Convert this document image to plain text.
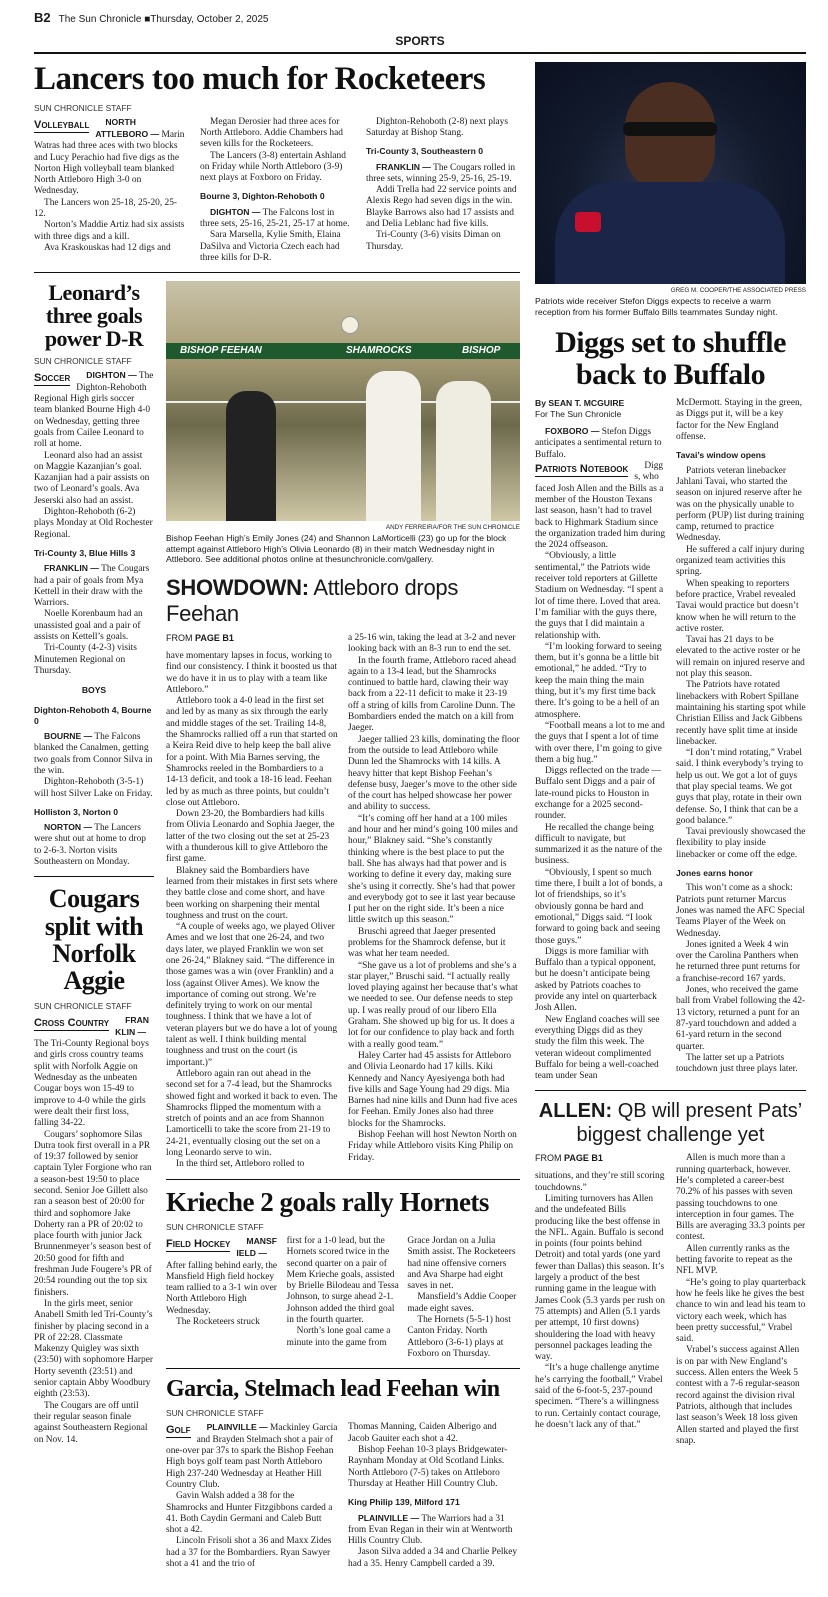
B2 The Sun Chronicle ■Thursday, October 2, 2025
SPORTS
Lancers too much for Rocketeers
SUN CHRONICLE STAFF

Volleyball NORTH ATTLEBORO — Marin Watras had three aces with two blocks and Lucy Perachio had five digs as the Norton High volleyball team blanked North Attleboro High 3-0 on Wednesday.

The Lancers won 25-18, 25-20, 25-12.

Norton’s Maddie Artiz had six assists with three digs and a kill.

Ava Kraskouskas had 12 digs and

Megan Derosier had three aces for North Attleboro. Addie Chambers had seven kills for the Rocketeers.

The Lancers (3-8) entertain Ashland on Friday while North Attleboro (3-9) next plays at Foxboro on Friday.

Bourne 3, Dighton-Rehoboth 0

DIGHTON — The Falcons lost in three sets, 25-16, 25-21, 25-17 at home.

Sara Marsella, Kylie Smith, Elaina DaSilva and Victoria Czech each had three kills for D-R.

Dighton-Rehoboth (2-8) next plays Saturday at Bishop Stang.

Tri-County 3, Southeastern 0

FRANKLIN — The Cougars rolled in three sets, winning 25-9, 25-16, 25-19.

Addi Trella had 22 service points and Alexis Rego had seven digs in the win. Blayke Barrows also had 17 assists and and Delia Leblanc had five kills.

Tri-County (3-6) visits Diman on Thursday.

Leonard’s three goals power D-R
SUN CHRONICLE STAFF

Soccer DIGHTON — The Dighton-Rehoboth Regional High girls soccer team blanked Bourne High 4-0 on Wednesday, getting three goals from Cailee Leonard to roll at home.

Leonard also had an assist on Maggie Kazanjian’s goal. Kazanjian had a pair assists on two of Leonard’s goals. Ava Jeserski also had an assist.

Dighton-Rehoboth (6-2) plays Monday at Old Rochester Regional.

Tri-County 3, Blue Hills 3

FRANKLIN — The Cougars had a pair of goals from Mya Kettell in their draw with the Warriors.

Noelle Korenbaum had an unassisted goal and a pair of assists on Kettell’s goals.

Tri-County (4-2-3) visits Minutemen Regional on Thursday.

BOYS

Dighton-Rehoboth 4, Bourne 0

BOURNE — The Falcons blanked the Canalmen, getting two goals from Connor Silva in the win.

Dighton-Rehoboth (3-5-1) will host Silver Lake on Friday.

Holliston 3, Norton 0

NORTON — The Lancers were shut out at home to drop to 2-6-3. Norton visits Southeastern on Monday.

Cougars split with Norfolk Aggie
SUN CHRONICLE STAFF

Cross Country FRANKLIN — The Tri-County Regional boys and girls cross country teams split with Norfolk Aggie on Wednesday as the unbeaten Cougar boys won 15-49 to improve to 4-0 while the girls were dealt their first loss, falling 34-22.

Cougars’ sophomore Silas Dutra took first overall in a PR of 19:37 followed by senior captain Tyler Forgione who ran a season-best 19:50 to place second. Senior Joe Gillett also ran a season best of 20:00 for third and sophomore Jake Doherty ran a PR of 20:02 to place fourth with junior Jack Brunnenmeyer’s season best of 20:50 good for fifth and freshman Jude Fougere’s PR of 20:54 rounding out the top six finishers.

In the girls meet, senior Anabell Smith led Tri-County’s finisher by placing second in a PR of 22:28. Classmate Makenzy Quigley was sixth (23:50) with sophomore Harper Horty seventh (23:51) and senior captain Abby Woodbury eighth (23:53).

The Cougars are off until their regular season finale against Southeastern Regional on Nov. 14.

BISHOP FEEHAN	SHAMROCKS	BISHOP
ANDY FERREIRA/FOR THE SUN CHRONICLE
Bishop Feehan High’s Emily Jones (24) and Shannon LaMorticelli (23) go up for the block attempt against Attleboro High’s Olivia Leonardo (8) in their match Wednesday night in Attleboro. See additional photos online at thesunchronicle.com/gallery.
SHOWDOWN: Attleboro drops Feehan
FROM PAGE B1

have momentary lapses in focus, working to find our consistency. I think it boosted us that we do have it in us to play with a team like Attleboro.”

Attleboro took a 4-0 lead in the first set and led by as many as six through the early and middle stages of the set. Trailing 14-8, the Shamrocks rallied off a run that started on a Keira Reid dive to help keep the ball alive for a point. With Mia Barnes serving, the Shamrocks reeled in the Bombardiers to a 14-13 deficit, and took a 18-16 lead. Feehan led by as much as three points, but couldn’t close out Attleboro.

Down 23-20, the Bombardiers had kills from Olivia Leonardo and Sophia Jaeger, the latter of the two closing out the set at 25-23 with a thunderous kill to give Attleboro the first game.

Blakney said the Bombardiers have learned from their mistakes in first sets where they battle close and come short, and have been working on sharpening their mental toughness and trust on the court.

“A couple of weeks ago, we played Oliver Ames and we lost that one 26-24, and two days later, we played Franklin we won set one 26-24,” Blakney said. “The difference in those games was a win (over Franklin) and a loss (against Oliver Ames). We know the importance of coming out strong. We’re definitely trying to work on our mental toughness. I think that we have a lot of veteran players but we do have a lot of young talent as well. I think building mental toughness and trust on the court (is important.)”

Attleboro again ran out ahead in the second set for a 7-4 lead, but the Shamrocks showed fight and worked it back to even. The Shamrocks flipped the momentum with a stretch of points and an ace from Shannon Lamorticelli to take the score from 21-19 to 24-21, eventually closing out the set on a long Leonardo serve to win.

In the third set, Attleboro rolled to

a 25-16 win, taking the lead at 3-2 and never looking back with an 8-3 run to end the set.

In the fourth frame, Attleboro raced ahead again to a 13-4 lead, but the Shamrocks continued to battle hard, clawing their way back from a 22-11 deficit to make it 23-19 off a string of kills from Caroline Dunn. The Bombardiers ended the match on a kill from Jaeger.

Jaeger tallied 23 kills, dominating the floor from the outside to lead Attleboro while Dunn led the Shamrocks with 14 kills. A heavy hitter that kept Bishop Feehan’s defense busy, Jaeger’s move to the other side of the court has helped showcase her power and ability to success.

“It’s coming off her hand at a 100 miles and hour and her mind’s going 100 miles and hour,” Blakney said. “She’s constantly thinking where is the best place to put the ball. She has always had that power and is working to define it every day, making sure she’s using it correctly. She’s had that power and everybody got to see it last year because I put her on the right side. It’s been a nice little switch up this season.”

Bruschi agreed that Jaeger presented problems for the Shamrock defense, but it was what her team needed.

“She gave us a lot of problems and she’s a star player,” Bruschi said. “I actually really loved playing against her because that’s what we needed to see. Our defense needs to step up. I was really proud of our libero Ella Graham. She showed up big for us. It does a lot for our confidence to play back and forth with a really good team.”

Haley Carter had 45 assists for Attleboro and Olivia Leonardo had 17 kills. Kiki Kennedy and Nancy Ayesiyenga both had five kills and Sage Young had 29 digs. Mia Barnes had nine kills and Dunn had five aces for Feehan. Emily Jones also had three blocks for the Shamrocks.

Bishop Feehan will host Newton North on Friday while Attleboro visits King Philip on Friday.

Krieche 2 goals rally Hornets
SUN CHRONICLE STAFF

Field Hockey MANSFIELD — After falling behind early, the Mansfield High field hockey team rallied to a 3-1 win over North Attleboro High Wednesday.

The Rocketeers struck

first for a 1-0 lead, but the Hornets scored twice in the second quarter on a pair of Mem Krieche goals, assisted by Brielle Bilodeau and Tessa Johnson, to surge ahead 2-1. Johnson added the third goal in the fourth quarter.

North’s lone goal came a minute into the game from

Grace Jordan on a Julia Smith assist. The Rocketeers had nine offensive corners and Ava Sharpe had eight saves in net.

Mansfield’s Addie Cooper made eight saves.

The Hornets (5-5-1) host Canton Friday. North Attleboro (3-6-1) plays at Foxboro on Thursday.

Garcia, Stelmach lead Feehan win
SUN CHRONICLE STAFF

Golf PLAINVILLE — Mackinley Garcia and Brayden Stelmach shot a pair of one-over par 37s to spark the Bishop Feehan High boys golf team past North Attleboro High 237-240 Wednesday at Heather Hill Country Club.

Gavin Walsh added a 38 for the Shamrocks and Hunter Fitzgibbons carded a 41. Both Caydin Germani and Caleb Butt shot a 42.

Lincoln Frisoli shot a 36 and Maxx Zides had a 37 for the Bombardiers. Ryan Sawyer shot a 41 and the trio of

Thomas Manning, Caiden Alberigo and Jacob Gauiter each shot a 42.

Bishop Feehan 10-3 plays Bridgewater-Raynham Monday at Old Scotland Links. North Attleboro (7-5) takes on Attleboro Thursday at Heather Hill Country Club.

King Philip 139, Milford 171

PLAINVILLE — The Warriors had a 31 from Evan Regan in their win at Wentworth Hills Country Club.

Jason Silva added a 34 and Charlie Pelkey had a 35. Henry Campbell carded a 39.

GREG M. COOPER/THE ASSOCIATED PRESS
Patriots wide receiver Stefon Diggs expects to receive a warm reception from his former Buffalo Bills teammates Sunday night.
Diggs set to shuffle back to Buffalo
By SEAN T. MCGUIRE
For The Sun Chronicle

FOXBORO — Stefon Diggs anticipates a sentimental return to Buffalo.

Patriots Notebook Diggs, who faced Josh Allen and the Bills as a member of the Houston Texans last season, hasn’t had to travel back to Highmark Stadium since the organization traded him during the 2024 offseason.

“Obviously, a little sentimental,” the Patriots wide receiver told reporters at Gillette Stadium on Wednesday. “I spent a lot of time there. Loved that area. I’m familiar with the guys there, the guys that I did maintain a relationship with.

“I’m looking forward to seeing them, but it’s gonna be a little bit emotional,” he added. “Try to keep the main thing the main thing, but it’s my first time back there. It’s going to be a hell of an atmosphere.

“Football means a lot to me and the guys that I spent a lot of time with over there, I’m going to give them a big hug.”

Diggs reflected on the trade — Buffalo sent Diggs and a pair of late-round picks to Houston in exchange for a 2025 second-rounder.

He recalled the change being difficult to navigate, but summarized it as the nature of the business.

“Obviously, I spent so much time there, I built a lot of bonds, a lot of friendships, so it’s obviously gonna be hard and emotional,” Diggs said. “I look forward to going back and seeing those guys.”

Diggs is more familiar with Buffalo than a typical opponent, but he doesn’t anticipate being asked by Patriots coaches to provide any intel on quarterback Josh Allen.

New England coaches will see everything Diggs did as they study the film this week. The veteran wideout complimented Buffalo for being a well-coached team under Sean

McDermott. Staying in the green, as Diggs put it, will be a key factor for the New England offense.

Tavai’s window opens

Patriots veteran linebacker Jahlani Tavai, who started the season on injured reserve after he was on the physically unable to perform (PUP) list during training camp, returned to practice Wednesday.

He suffered a calf injury during organized team activities this spring.

When speaking to reporters before practice, Vrabel revealed Tavai would practice but doesn’t know when he will return to the active roster.

Tavai has 21 days to be elevated to the active roster or he will remain on injured reserve and not play this season.

The Patriots have rotated linebackers with Robert Spillane maintaining his starting spot while Christian Elliss and Jack Gibbens recently have split time at inside linebacker.

“I don’t mind rotating,” Vrabel said. I think everybody’s trying to help us out. We got a lot of guys that play special teams. We got guys that play, rotate in their own defense. So, I think that can be a good balance.”

Tavai previously showcased the flexibility to play inside linebacker or come off the edge.

Jones earns honor

This won’t come as a shock: Patriots punt returner Marcus Jones was named the AFC Special Teams Player of the Week on Wednesday.

Jones ignited a Week 4 win over the Carolina Panthers when he returned three punt returns for a franchise-record 167 yards.

Jones, who received the game ball from Vrabel following the 42-13 victory, returned a punt for an 87-yard touchdown and added a 61-yard return in the second quarter.

The latter set up a Patriots touchdown just three plays later.

ALLEN: QB will present Pats’ biggest challenge yet
FROM PAGE B1

situations, and they’re still scoring touchdowns.”

Limiting turnovers has Allen and the undefeated Bills producing like the best offense in the NFL. Again. Buffalo is second in points (four points behind Detroit) and total yards (one yard fewer than Dallas) this season. It’s largely a product of the best running game in the league with James Cook (5.3 yards per rush on 75 attempts) and Allen (5.1 yards per attempt, 10 first downs) shouldering the load with heavy personnel packages leading the way.

“It’s a huge challenge anytime he’s carrying the football,” Vrabel said of the 6-foot-5, 237-pound specimen. “There’s a willingness to run. Certainly contact courage, he doesn’t lack any of that.”

Allen is much more than a running quarterback, however. He’s completed a career-best 70.2% of his passes with seven passing touchdowns to one interception in four games. The Bills are averaging 33.3 points per contest.

Allen currently ranks as the betting favorite to repeat as the NFL MVP.

“He’s going to play quarterback how he feels like he gives the best chance to win and lead his team to victory each week, which has been pretty successful,” Vrabel said.

Vrabel’s success against Allen is on par with New England’s success. Allen enters the Week 5 contest with a 7-6 regular-season record against the division rival Patriots, although that includes last season’s Week 18 loss given Allen started and played the first snap.
